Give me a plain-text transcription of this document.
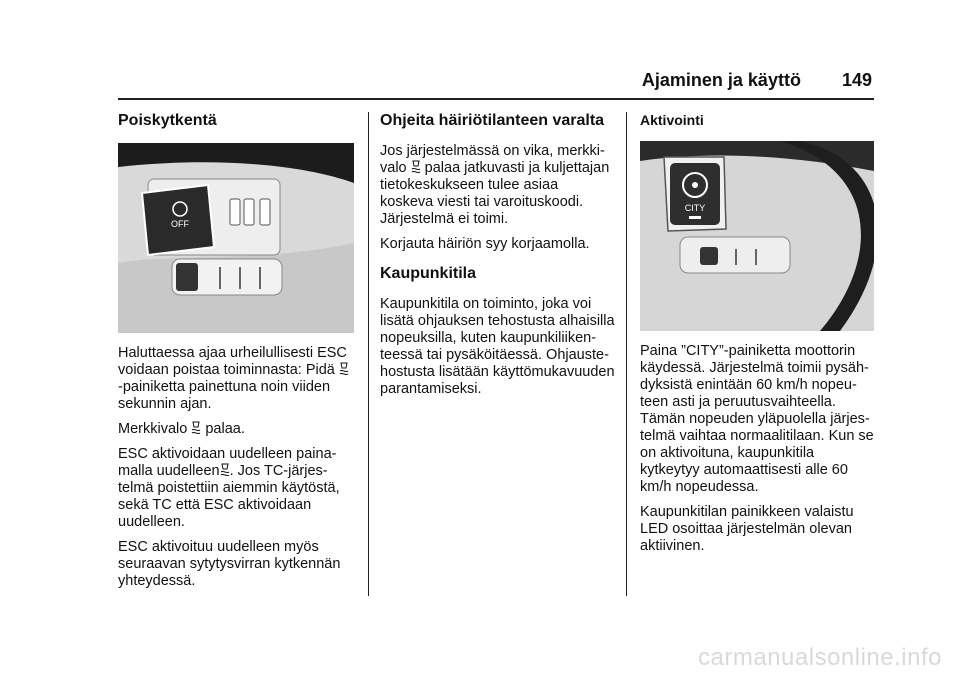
Ajaminen ja käyttö 149
Poiskytkentä
OFF

Haluttaessa ajaa urheilullisesti ESC
voidaan poistaa toiminnasta: Pidä
-painiketta painettuna noin viiden
sekunnin ajan.

Merkkivalo palaa.

ESC aktivoidaan uudelleen paina-
malla uudelleen . Jos TC-järjes-
telmä poistettiin aiemmin käytöstä,
sekä TC että ESC aktivoidaan
uudelleen.

ESC aktivoituu uudelleen myös
seuraavan sytytysvirran kytkennän
yhteydessä.

Ohjeita häiriötilanteen varalta

Jos järjestelmässä on vika, merkki-
valo palaa jatkuvasti ja kuljettajan
tietokeskukseen tulee asiaa
koskeva viesti tai varoituskoodi.
Järjestelmä ei toimi.

Korjauta häiriön syy korjaamolla.

Kaupunkitila

Kaupunkitila on toiminto, joka voi
lisätä ohjauksen tehostusta alhaisilla
nopeuksilla, kuten kaupunkiliiken-
teessä tai pysäköitäessä. Ohjauste-
hostusta lisätään käyttömukavuuden
parantamiseksi.

Aktivointi
CITY

Paina ”CITY”-painiketta moottorin
käydessä. Järjestelmä toimii pysäh-
dyksistä enintään 60 km/h nopeu-
teen asti ja peruutusvaihteella.
Tämän nopeuden yläpuolella järjes-
telmä vaihtaa normaalitilaan. Kun se
on aktivoituna, kaupunkitila
kytkeytyy automaattisesti alle 60
km/h nopeudessa.

Kaupunkitilan painikkeen valaistu
LED osoittaa järjestelmän olevan
aktiivinen.

carmanualsonline.info
